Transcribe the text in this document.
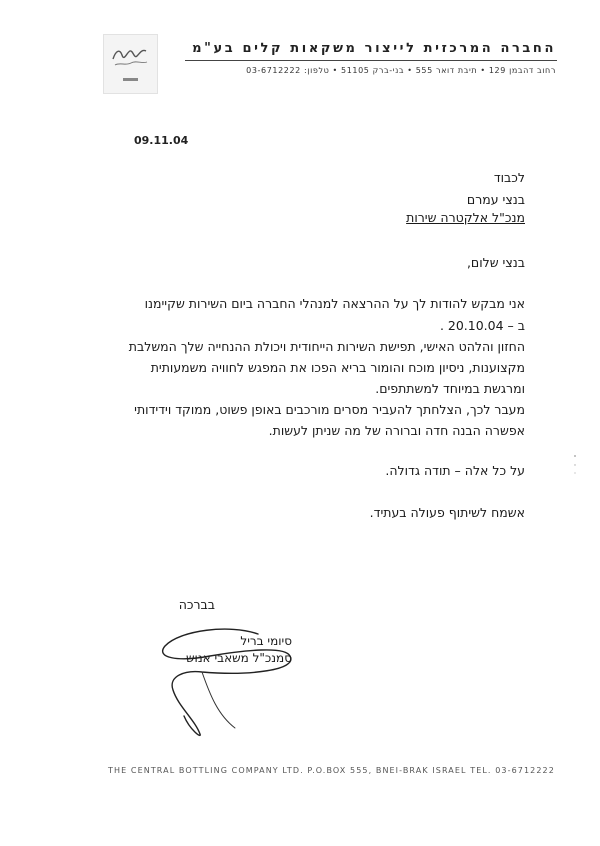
החברה המרכזית לייצור משקאות קלים בע"מ
רחוב דהבמן 129 • תיבת דואר 555 • בני-ברק 51105 • טלפון: 03-6712222
09.11.04
לכבוד
בנצי עמרם
מנכ"ל אלקטרה שירות
בנצי שלום,
אני מבקש להודות לך על ההרצאה למנהלי החברה ביום השירות שקיימנו
ב – 20.10.04 .
החזון והלהט האישי, תפישת השירות הייחודית ויכולת ההנחייה שלך המשלבת
מקצוענות, ניסיון מוכח והומור בריא הפכו את המפגש לחוויה משמעותית
ומרגשת במיוחד למשתתפים.
מעבר לכך, הצלחתך להעביר מסרים מורכבים באופן פשוט, ממוקד וידידותי
אפשרה הבנה חדה וברורה של מה שניתן לעשות.
על כל אלה – תודה גדולה.
אשמח לשיתוף פעולה בעתיד.
בברכה
סיומי בריל
סמנכ"ל משאבי אנוש
THE CENTRAL BOTTLING COMPANY LTD. P.O.BOX 555, BNEI-BRAK ISRAEL TEL. 03-6712222
